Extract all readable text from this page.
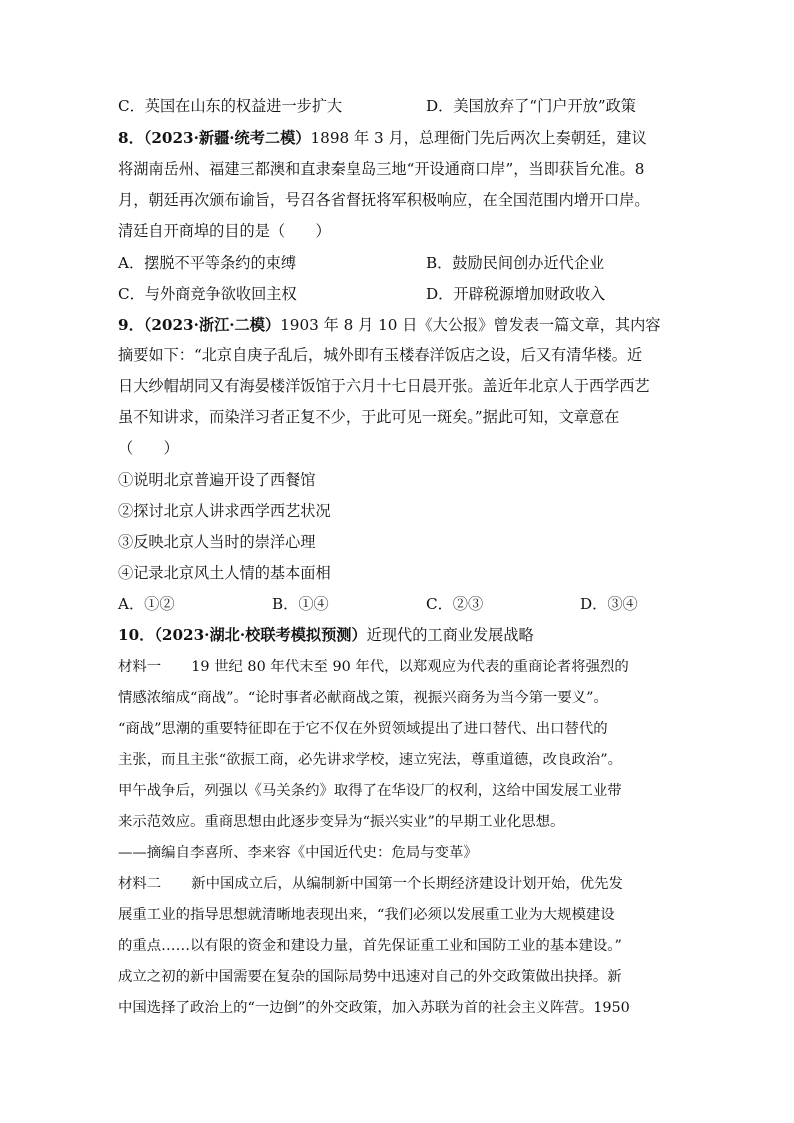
C．英国在山东的权益进一步扩大	D．美国放弃了“门户开放”政策
8．（2023·新疆·统考二模）1898 年 3 月，总理衙门先后两次上奏朝廷，建议
将湖南岳州、福建三都澳和直隶秦皇岛三地“开设通商口岸”，当即获旨允准。8
月，朝廷再次颁布谕旨，号召各省督抚将军积极响应，在全国范围内增开口岸。
清廷自开商埠的目的是（　　）
A．摆脱不平等条约的束缚	B．鼓励民间创办近代企业
C．与外商竞争欲收回主权	D．开辟税源增加财政收入
9．（2023·浙江·二模）1903 年 8 月 10 日《大公报》曾发表一篇文章，其内容
摘要如下：“北京自庚子乱后，城外即有玉楼春洋饭店之设，后又有清华楼。近
日大纱帽胡同又有海晏楼洋饭馆于六月十七日晨开张。盖近年北京人于西学西艺
虽不知讲求，而染洋习者正复不少，于此可见一斑矣。”据此可知，文章意在
（　　）
①说明北京普遍开设了西餐馆
②探讨北京人讲求西学西艺状况
③反映北京人当时的崇洋心理
④记录北京风土人情的基本面相
A．①②	B．①④	C．②③	D．③④
10．（2023·湖北·校联考模拟预测）近现代的工商业发展战略
材料一 19 世纪 80 年代末至 90 年代，以郑观应为代表的重商论者将强烈的
情感浓缩成“商战”。“论时事者必献商战之策，视振兴商务为当今第一要义”。
“商战”思潮的重要特征即在于它不仅在外贸领域提出了进口替代、出口替代的
主张，而且主张“欲振工商，必先讲求学校，速立宪法，尊重道德，改良政治”。
甲午战争后，列强以《马关条约》取得了在华设厂的权利，这给中国发展工业带
来示范效应。重商思想由此逐步变异为“振兴实业”的早期工业化思想。
——摘编自李喜所、李来容《中国近代史：危局与变革》
材料二 新中国成立后，从编制新中国第一个长期经济建设计划开始，优先发
展重工业的指导思想就清晰地表现出来，“我们必须以发展重工业为大规模建设
的重点……以有限的资金和建设力量，首先保证重工业和国防工业的基本建设。”
成立之初的新中国需要在复杂的国际局势中迅速对自己的外交政策做出抉择。新
中国选择了政治上的“一边倒”的外交政策，加入苏联为首的社会主义阵营。1950
